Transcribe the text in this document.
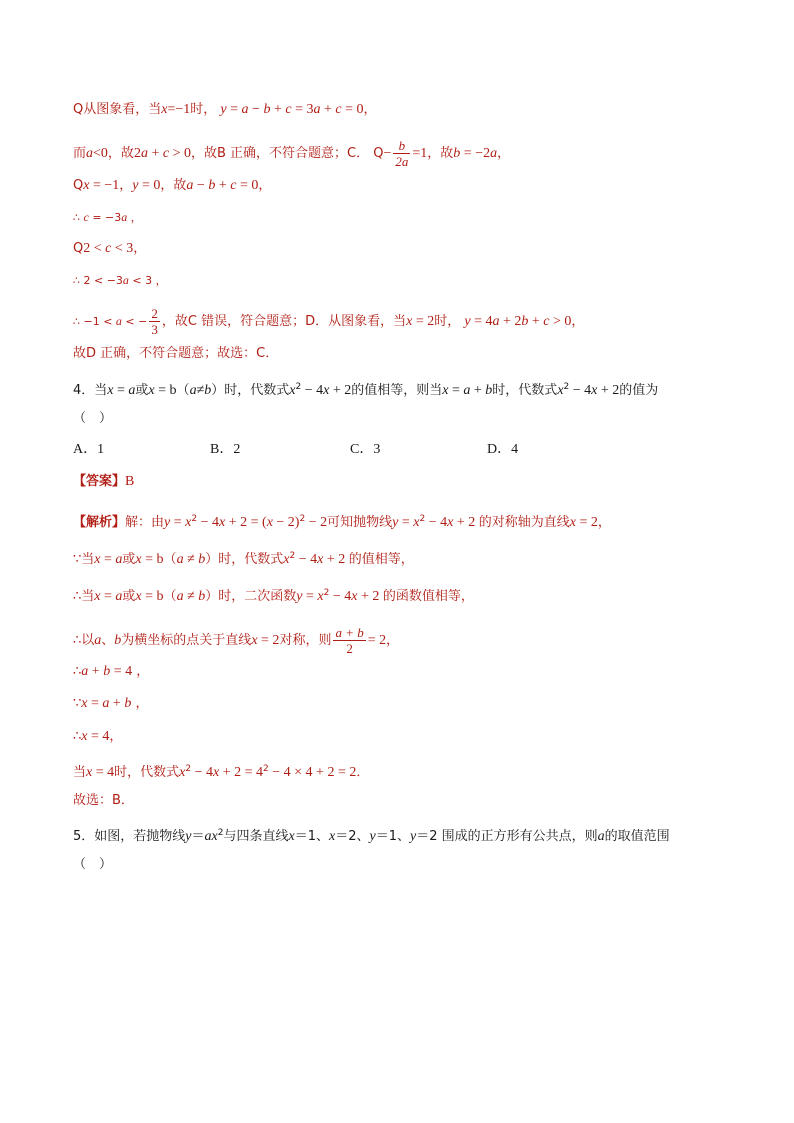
Q从图象看，当x=−1时， y = a − b + c = 3a + c = 0，
而a<0，故2a + c > 0，故B 正确，不符合题意；C． $Q- \frac{b}{2a} =1$，故b = −2a，
Qx = −1，y = 0，故a − b + c = 0，
∴ c = −3a ，
Q2 < c < 3，
∴ 2 < −3a < 3 ，
∴ −1 < a < − $\frac{2}{3}$ ，故C 错误，符合题意；D．从图象看，当x = 2时， y = 4a + 2b + c > 0，
故D 正确，不符合题意；故选：C．
4．当x = a或x = b（a≠b）时，代数式$x^2 - 4x + 2$的值相等，则当x = a + b时，代数式$x^2 - 4x + 2$的值为
（　）
A．1	B．2	C．3	D．4
【答案】B
【解析】解：由$y = x^2 - 4x + 2 = (x - 2)^2 - 2$可知抛物线$y = x^2 - 4x + 2$ 的对称轴为直线x = 2，
∵当x = a或x = b（a ≠ b）时，代数式$x^2 - 4x + 2$ 的值相等，
∴当x = a或x = b（a ≠ b）时，二次函数$y = x^2 - 4x + 2$ 的函数值相等，
∴以a、b为横坐标的点关于直线x = 2对称，则 $\frac{a + b}{2} = 2$，
∴a + b = 4 ，
∵x = a + b ，
∴x = 4，
当x = 4时，代数式$x^2 - 4x + 2 = 4^2 - 4 \times 4 + 2 = 2$．
故选：B．
5．如图，若抛物线$y=ax^2$与四条直线x＝1、x＝2、y＝1、y＝2 围成的正方形有公共点，则a的取值范围
（　）
